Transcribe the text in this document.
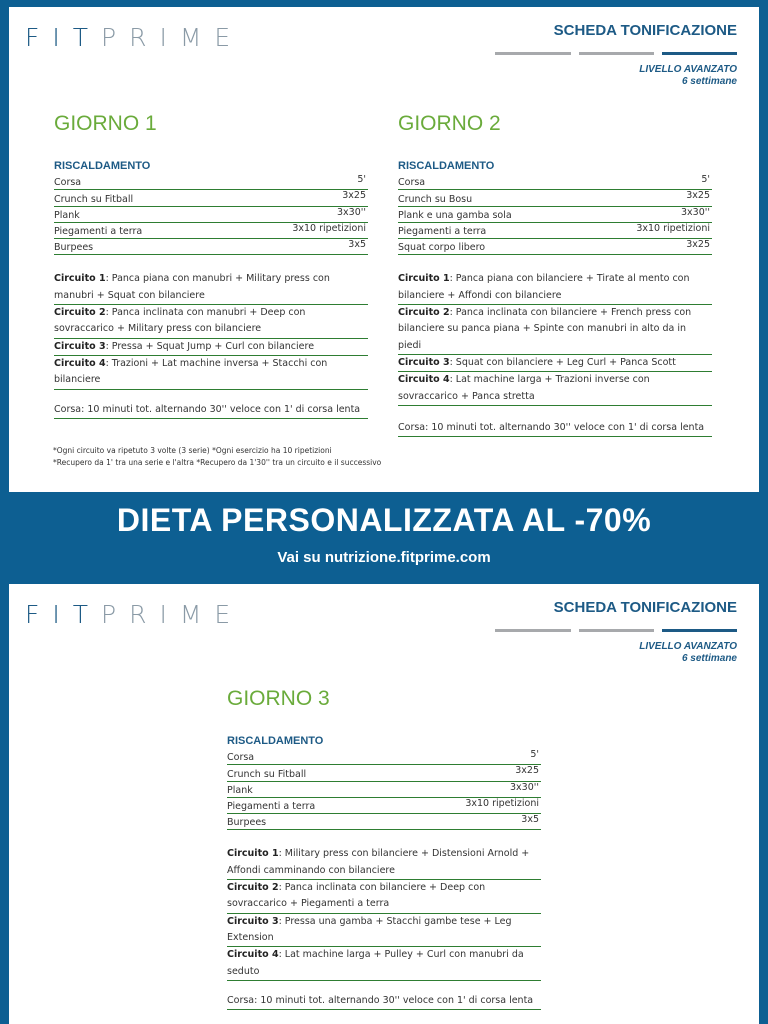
FITPRIME	SCHEDA TONIFICAZIONE
LIVELLO AVANZATO
6 settimane
GIORNO 1
RISCALDAMENTO
Corsa	5'
Crunch su Fitball	3x25
Plank	3x30''
Piegamenti a terra	3x10 ripetizioni
Burpees	3x5
Circuito 1: Panca piana con manubri + Military press con manubri + Squat con bilanciere
Circuito 2: Panca inclinata con manubri + Deep con sovraccarico + Military press con bilanciere
Circuito 3: Pressa + Squat Jump + Curl con bilanciere
Circuito 4: Trazioni + Lat machine inversa + Stacchi con bilanciere
Corsa: 10 minuti tot. alternando 30'' veloce con 1' di corsa lenta
GIORNO 2
RISCALDAMENTO
Corsa	5'
Crunch su Bosu	3x25
Plank e una gamba sola	3x30''
Piegamenti a terra	3x10 ripetizioni
Squat corpo libero	3x25
Circuito 1: Panca piana con bilanciere + Tirate al mento con bilanciere + Affondi con bilanciere
Circuito 2: Panca inclinata con bilanciere + French press con bilanciere su panca piana + Spinte con manubri in alto da in piedi
Circuito 3: Squat con bilanciere + Leg Curl + Panca Scott
Circuito 4: Lat machine larga + Trazioni inverse con sovraccarico + Panca stretta
Corsa: 10 minuti tot. alternando 30'' veloce con 1' di corsa lenta
*Ogni circuito va ripetuto 3 volte (3 serie) *Ogni esercizio ha 10 ripetizioni
*Recupero da 1' tra una serie e l'altra *Recupero da 1'30'' tra un circuito e il successivo
DIETA PERSONALIZZATA AL -70%
Vai su nutrizione.fitprime.com
FITPRIME	SCHEDA TONIFICAZIONE
LIVELLO AVANZATO
6 settimane
GIORNO 3
RISCALDAMENTO
Corsa	5'
Crunch su Fitball	3x25
Plank	3x30''
Piegamenti a terra	3x10 ripetizioni
Burpees	3x5
Circuito 1: Military press con bilanciere + Distensioni Arnold + Affondi camminando con bilanciere
Circuito 2: Panca inclinata con bilanciere + Deep con sovraccarico + Piegamenti a terra
Circuito 3: Pressa una gamba + Stacchi gambe tese + Leg Extension
Circuito 4: Lat machine larga + Pulley + Curl con manubri da seduto
Corsa: 10 minuti tot. alternando 30'' veloce con 1' di corsa lenta
